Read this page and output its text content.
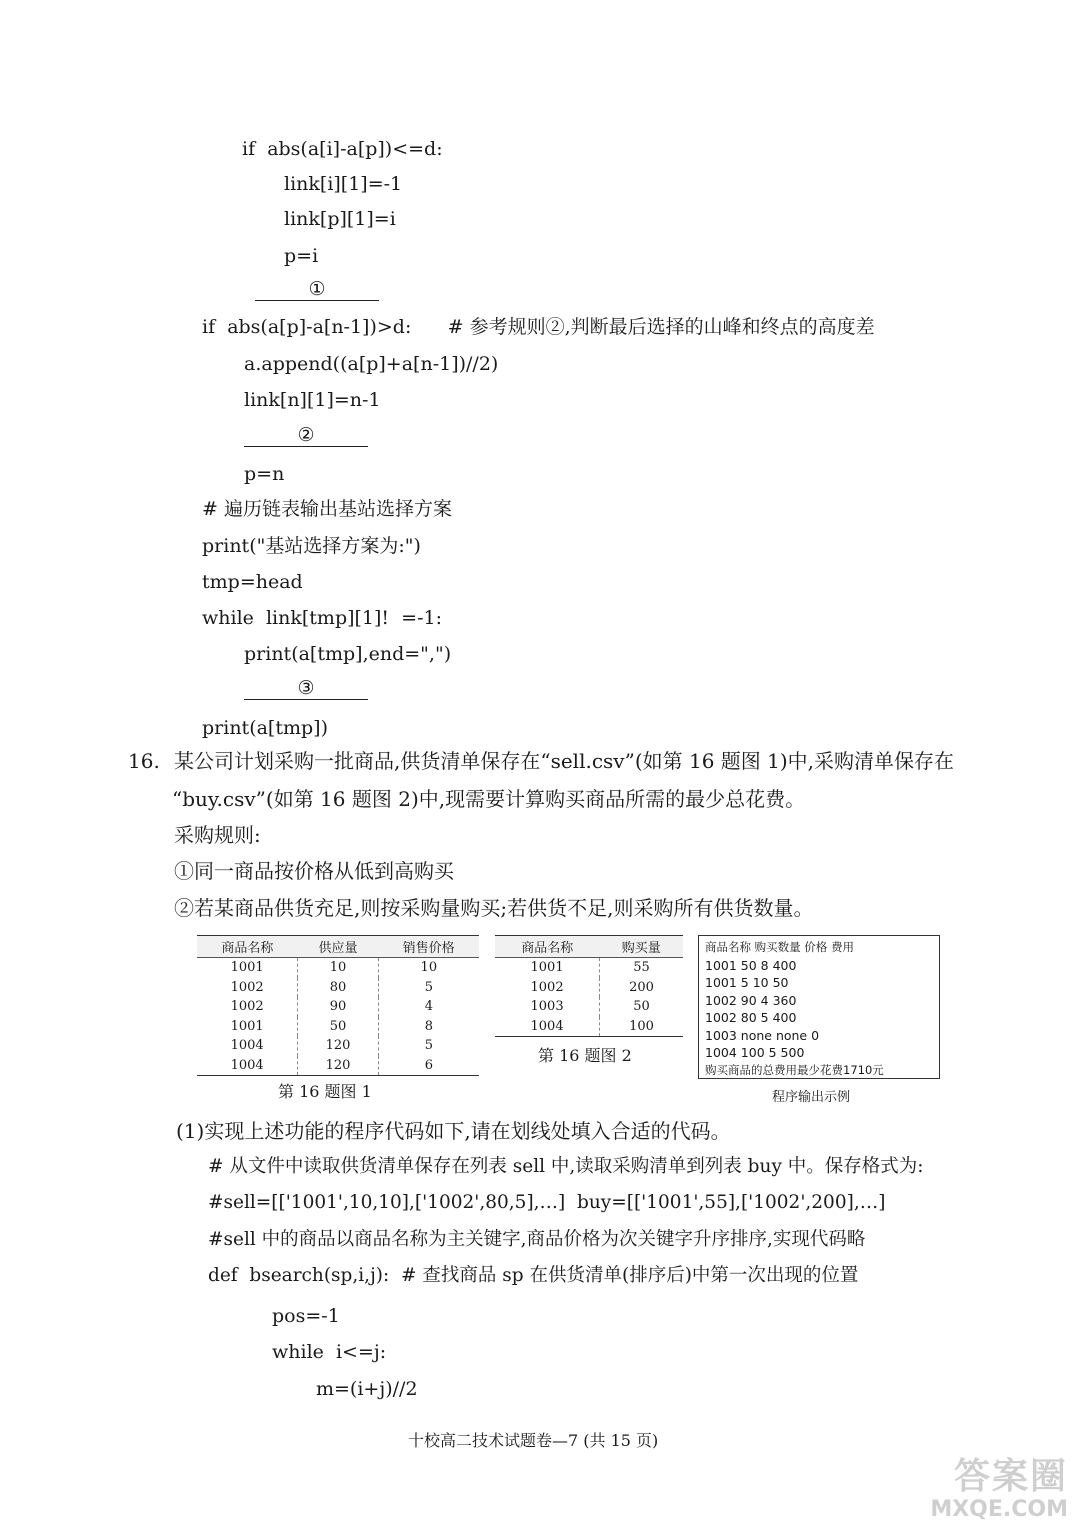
if  abs(a[i]-a[p])<=d:
link[i][1]=-1
link[p][1]=i
p=i
①
if  abs(a[p]-a[n-1])>d:      # 参考规则②,判断最后选择的山峰和终点的高度差
a.append((a[p]+a[n-1])//2)
link[n][1]=n-1
②
p=n
# 遍历链表输出基站选择方案
print("基站选择方案为:")
tmp=head
while  link[tmp][1]!  =-1:
print(a[tmp],end=",")
③
print(a[tmp])
16. 某公司计划采购一批商品,供货清单保存在“sell.csv”(如第 16 题图 1)中,采购清单保存在
“buy.csv”(如第 16 题图 2)中,现需要计算购买商品所需的最少总花费。
采购规则:
①同一商品按价格从低到高购买
②若某商品供货充足,则按采购量购买;若供货不足,则采购所有供货数量。
商品名称	供应量	销售价格
1001	10	10
1002	80	5
1002	90	4
1001	50	8
1004	120	5
1004	120	6
第 16 题图 1
商品名称	购买量
1001	55
1002	200
1003	50
1004	100
第 16 题图 2
商品名称 购买数量 价格 费用
1001 50 8 400
1001 5 10 50
1002 90 4 360
1002 80 5 400
1003 none none 0
1004 100 5 500
购买商品的总费用最少花费1710元
程序输出示例
(1)实现上述功能的程序代码如下,请在划线处填入合适的代码。
# 从文件中读取供货清单保存在列表 sell 中,读取采购清单到列表 buy 中。保存格式为:
#sell=[['1001',10,10],['1002',80,5],…]  buy=[['1001',55],['1002',200],…]
#sell 中的商品以商品名称为主关键字,商品价格为次关键字升序排序,实现代码略
def  bsearch(sp,i,j):  # 查找商品 sp 在供货清单(排序后)中第一次出现的位置
pos=-1
while  i<=j:
m=(i+j)//2
十校高二技术试题卷—7 (共 15 页)
答案圈
MXQE.COM
